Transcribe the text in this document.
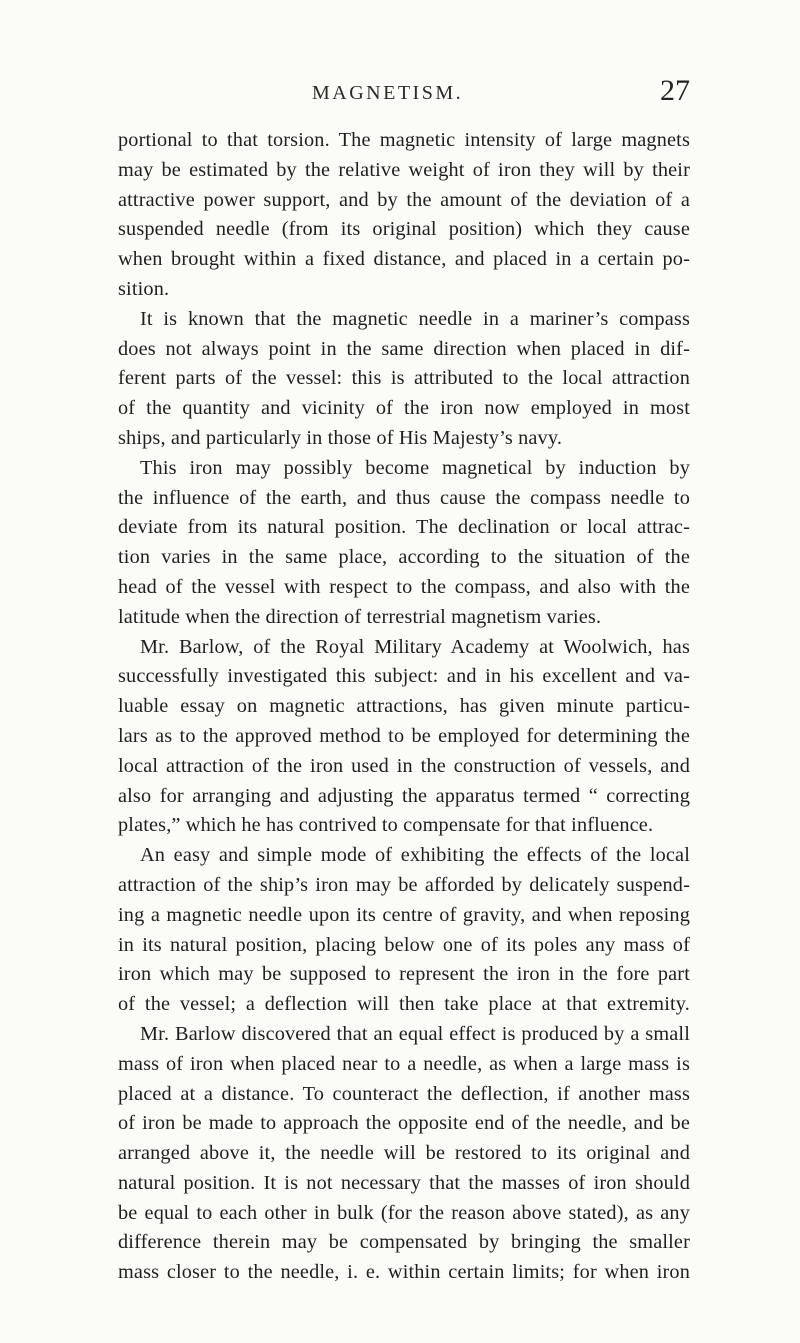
MAGNETISM.	27
portional to that torsion. The magnetic intensity of large magnets
may be estimated by the relative weight of iron they will by their
attractive power support, and by the amount of the deviation of a
suspended needle (from its original position) which they cause
when brought within a fixed distance, and placed in a certain po-
sition.
It is known that the magnetic needle in a mariner’s compass
does not always point in the same direction when placed in dif-
ferent parts of the vessel: this is attributed to the local attraction
of the quantity and vicinity of the iron now employed in most
ships, and particularly in those of His Majesty’s navy.
This iron may possibly become magnetical by induction by
the influence of the earth, and thus cause the compass needle to
deviate from its natural position. The declination or local attrac-
tion varies in the same place, according to the situation of the
head of the vessel with respect to the compass, and also with the
latitude when the direction of terrestrial magnetism varies.
Mr. Barlow, of the Royal Military Academy at Woolwich, has
successfully investigated this subject: and in his excellent and va-
luable essay on magnetic attractions, has given minute particu-
lars as to the approved method to be employed for determining the
local attraction of the iron used in the construction of vessels, and
also for arranging and adjusting the apparatus termed “ correcting
plates,” which he has contrived to compensate for that influence.
An easy and simple mode of exhibiting the effects of the local
attraction of the ship’s iron may be afforded by delicately suspend-
ing a magnetic needle upon its centre of gravity, and when reposing
in its natural position, placing below one of its poles any mass of
iron which may be supposed to represent the iron in the fore part
of the vessel; a deflection will then take place at that extremity.
Mr. Barlow discovered that an equal effect is produced by a small
mass of iron when placed near to a needle, as when a large mass is
placed at a distance. To counteract the deflection, if another mass
of iron be made to approach the opposite end of the needle, and be
arranged above it, the needle will be restored to its original and
natural position. It is not necessary that the masses of iron should
be equal to each other in bulk (for the reason above stated), as any
difference therein may be compensated by bringing the smaller
mass closer to the needle, i. e. within certain limits; for when iron
